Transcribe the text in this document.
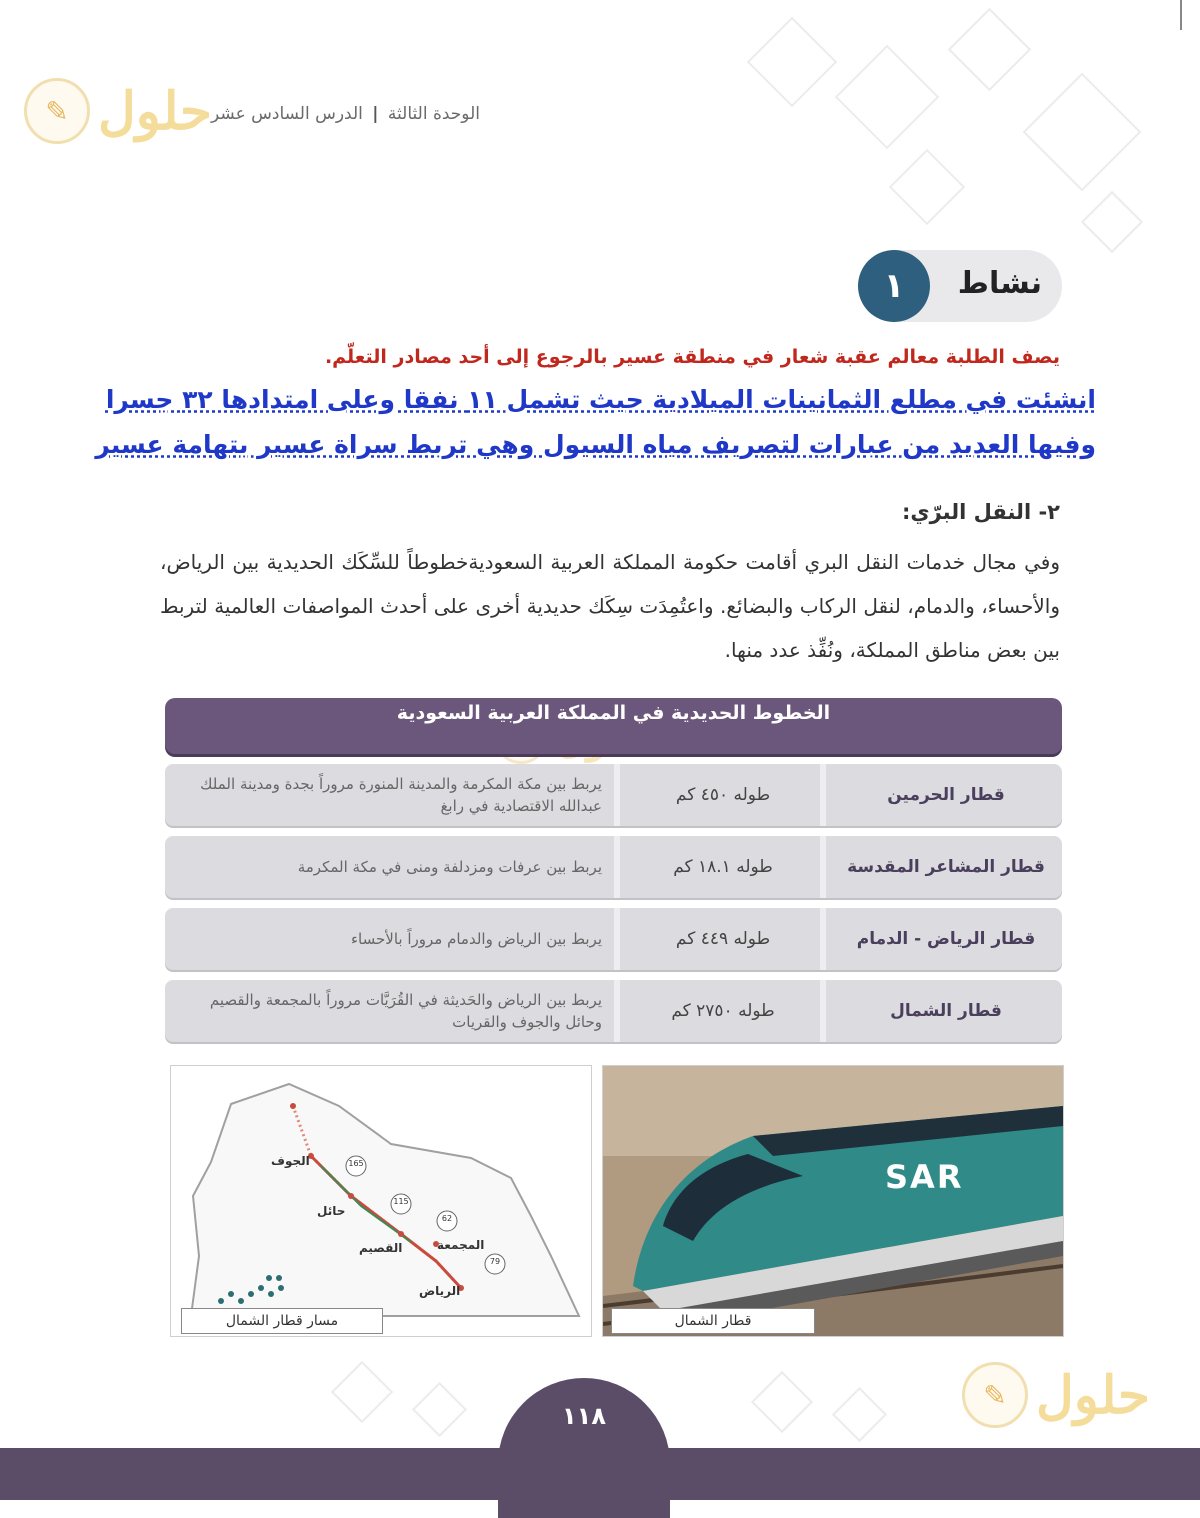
الوحدة الثالثة | الدرس السادس عشر
✎ حلول
✎ حلول
١	نشاط
يصف الطلبة معالم عقبة شعار في منطقة عسير بالرجوع إلى أحد مصادر التعلّم.
انشئت في مطلع الثمانينات الميلادية حيث تشمل ١١ نفقا وعلى امتدادها ٣٢ جسرا
وفيها العديد من عبارات لتصريف مياه السيول وهي تربط سراة عسير بتهامة عسير
٢- النقل البرّي:
وفي مجال خدمات النقل البري أقامت حكومة المملكة العربية السعوديةخطوطاً للسِّكَك الحديدية بين الرياض، والأحساء، والدمام، لنقل الركاب والبضائع. واعتُمِدَت سِكَك حديدية أخرى على أحدث المواصفات العالمية لتربط بين بعض مناطق المملكة، ونُفِّذ عدد منها.
الخطوط الحديدية في المملكة العربية السعودية
قطار الحرمين
طوله ٤٥٠ كم
يربط بين مكة المكرمة والمدينة المنورة مروراً بجدة ومدينة الملك عبدالله الاقتصادية في رابغ
قطار المشاعر المقدسة
طوله ١٨.١ كم
يربط بين عرفات ومزدلفة ومنى في مكة المكرمة
قطار الرياض - الدمام
طوله ٤٤٩ كم
يربط بين الرياض والدمام مروراً بالأحساء
قطار الشمال
طوله ٢٧٥٠ كم
يربط بين الرياض والحَديثة في القُرَيَّات مروراً بالمجمعة والقصيم وحائل والجوف والقريات
الجوف
حائل
القصيم	المجمعة
الرياض
165
115
62
79
مسار قطار الشمال
SAR
قطار الشمال
١١٨
